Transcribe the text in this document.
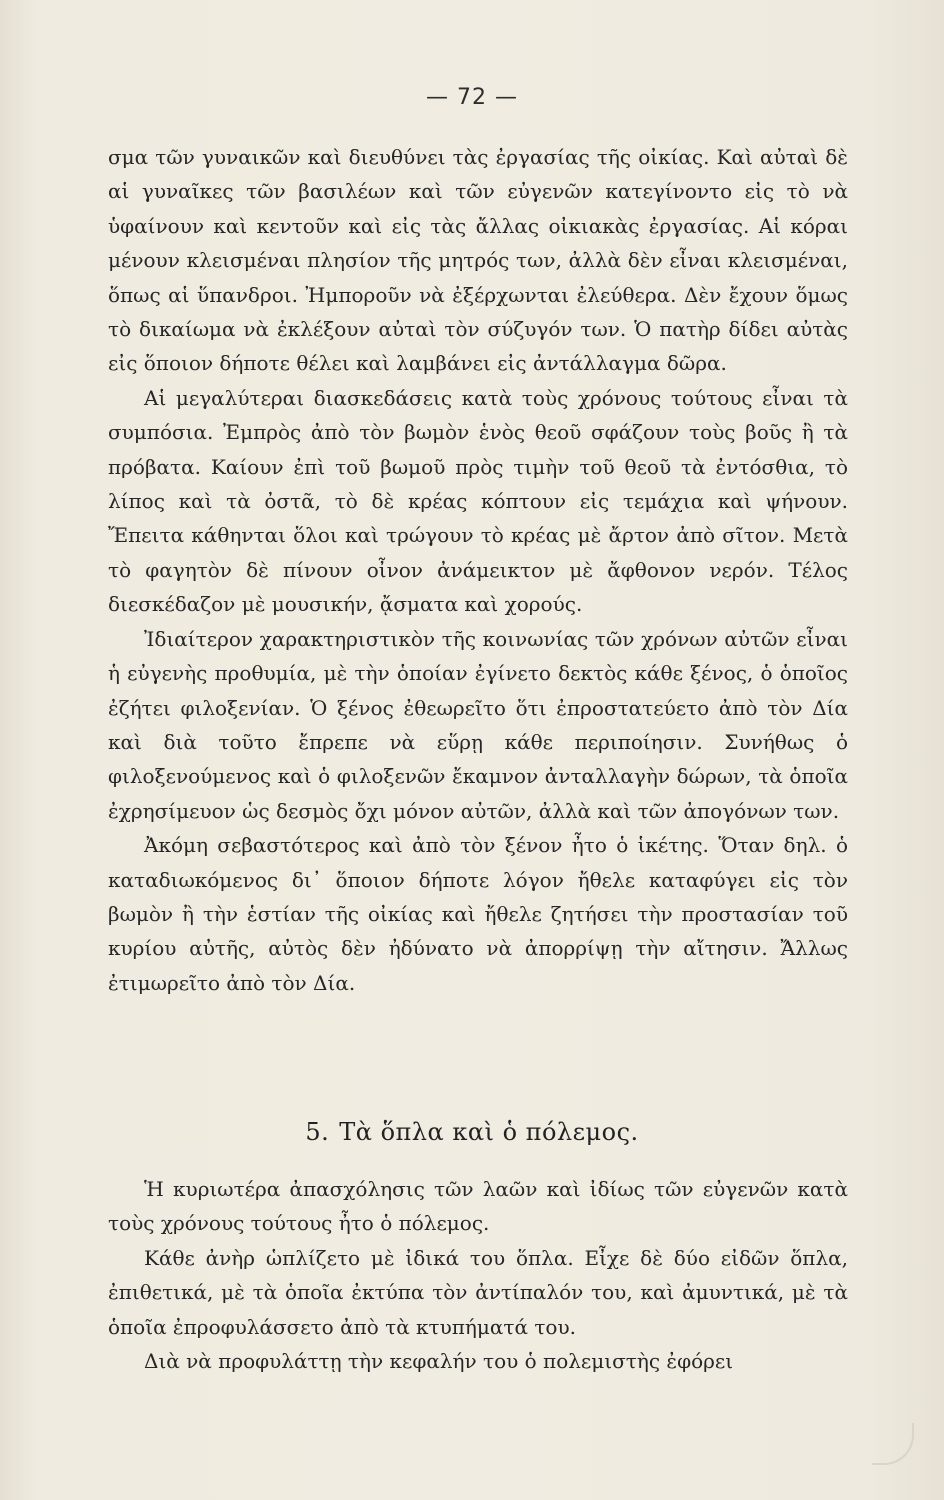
— 72 —

σμα τῶν γυναικῶν καὶ διευθύνει τὰς ἐργασίας τῆς οἰκίας. Καὶ αὐταὶ δὲ αἱ γυναῖκες τῶν βασιλέων καὶ τῶν εὐγενῶν κατεγίνοντο εἰς τὸ νὰ ὑφαίνουν καὶ κεντοῦν καὶ εἰς τὰς ἄλλας οἰκιακὰς ἐργασίας. Αἱ κόραι μένουν κλεισμέναι πλησίον τῆς μητρός των, ἀλλὰ δὲν εἶναι κλεισμέναι, ὅπως αἱ ὕπανδροι. Ἠμποροῦν νὰ ἐξέρχωνται ἐλεύθερα. Δὲν ἔχουν ὅμως τὸ δικαίωμα νὰ ἐκλέξουν αὐταὶ τὸν σύζυγόν των. Ὁ πατὴρ δίδει αὐτὰς εἰς ὅποιον δήποτε θέλει καὶ λαμβάνει εἰς ἀντάλλαγμα δῶρα.

Αἱ μεγαλύτεραι διασκεδάσεις κατὰ τοὺς χρόνους τούτους εἶναι τὰ συμπόσια. Ἐμπρὸς ἀπὸ τὸν βωμὸν ἑνὸς θεοῦ σφάζουν τοὺς βοῦς ἢ τὰ πρόβατα. Καίουν ἐπὶ τοῦ βωμοῦ πρὸς τιμὴν τοῦ θεοῦ τὰ ἐντόσθια, τὸ λίπος καὶ τὰ ὀστᾶ, τὸ δὲ κρέας κόπτουν εἰς τεμάχια καὶ ψήνουν. Ἔπειτα κάθηνται ὅλοι καὶ τρώγουν τὸ κρέας μὲ ἄρτον ἀπὸ σῖτον. Μετὰ τὸ φαγητὸν δὲ πίνουν οἶνον ἀνάμεικτον μὲ ἄφθονον νερόν. Τέλος διεσκέδαζον μὲ μουσικήν, ᾄσματα καὶ χορούς.

Ἰδιαίτερον χαρακτηριστικὸν τῆς κοινωνίας τῶν χρόνων αὐτῶν εἶναι ἡ εὐγενὴς προθυμία, μὲ τὴν ὁποίαν ἐγίνετο δεκτὸς κάθε ξένος, ὁ ὁποῖος ἐζήτει φιλοξενίαν. Ὁ ξένος ἐθεωρεῖτο ὅτι ἐπροστατεύετο ἀπὸ τὸν Δία καὶ διὰ τοῦτο ἔπρεπε νὰ εὕρῃ κάθε περιποίησιν. Συνήθως ὁ φιλοξενούμενος καὶ ὁ φιλοξενῶν ἔκαμνον ἀνταλλαγὴν δώρων, τὰ ὁποῖα ἐχρησίμευον ὡς δεσμὸς ὄχι μόνον αὐτῶν, ἀλλὰ καὶ τῶν ἀπογόνων των.

Ἀκόμη σεβαστότερος καὶ ἀπὸ τὸν ξένον ἦτο ὁ ἱκέτης. Ὅταν δηλ. ὁ καταδιωκόμενος δι᾽ ὅποιον δήποτε λόγον ἤθελε καταφύγει εἰς τὸν βωμὸν ἢ τὴν ἑστίαν τῆς οἰκίας καὶ ἤθελε ζητήσει τὴν προστασίαν τοῦ κυρίου αὐτῆς, αὐτὸς δὲν ἠδύνατο νὰ ἀπορρίψῃ τὴν αἴτησιν. Ἄλλως ἐτιμωρεῖτο ἀπὸ τὸν Δία.

5. Τὰ ὅπλα καὶ ὁ πόλεμος.

Ἡ κυριωτέρα ἀπασχόλησις τῶν λαῶν καὶ ἰδίως τῶν εὐγενῶν κατὰ τοὺς χρόνους τούτους ἦτο ὁ πόλεμος.

Κάθε ἀνὴρ ὡπλίζετο μὲ ἰδικά του ὅπλα. Εἶχε δὲ δύο εἰδῶν ὅπλα, ἐπιθετικά, μὲ τὰ ὁποῖα ἐκτύπα τὸν ἀντίπαλόν του, καὶ ἀμυντικά, μὲ τὰ ὁποῖα ἐπροφυλάσσετο ἀπὸ τὰ κτυπήματά του.

Διὰ νὰ προφυλάττῃ τὴν κεφαλήν του ὁ πολεμιστὴς ἐφόρει
